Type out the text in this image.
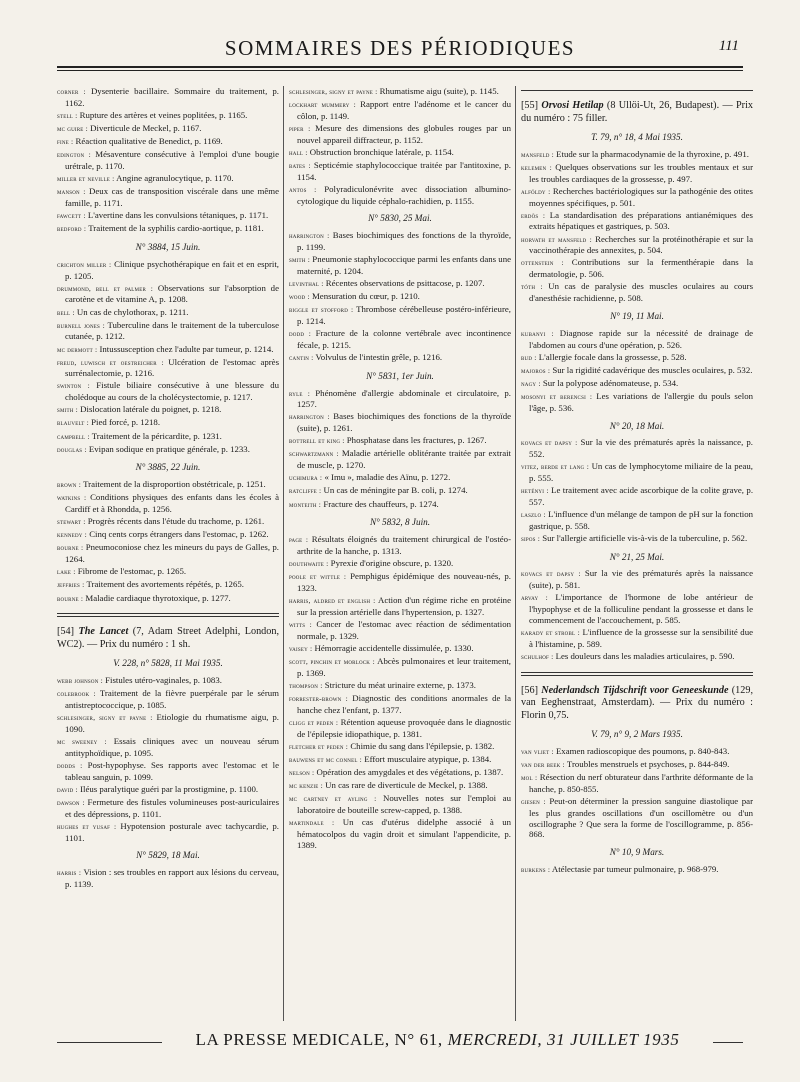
SOMMAIRES DES PÉRIODIQUES	111
corner : Dysenterie bacillaire. Sommaire du traitement, p. 1162.
stell : Rupture des artères et veines poplitées, p. 1165.
mc guire : Diverticule de Meckel, p. 1167.
fine : Réaction qualitative de Benedict, p. 1169.
edington : Mésaventure consécutive à l'emploi d'une bougie urétrale, p. 1170.
miller et neville : Angine agranulocytique, p. 1170.
manson : Deux cas de transposition viscérale dans une même famille, p. 1171.
fawcett : L'avertine dans les convulsions tétaniques, p. 1171.
bedford : Traitement de la syphilis cardio-aortique, p. 1181.
N° 3884, 15 Juin.
crichton miller : Clinique psychothérapique en fait et en esprit, p. 1205.
drummond, bell et palmer : Observations sur l'absorption de carotène et de vitamine A, p. 1208.
bell : Un cas de chylothorax, p. 1211.
burnell jones : Tuberculine dans le traitement de la tuberculose cutanée, p. 1212.
mc dermott : Intussusception chez l'adulte par tumeur, p. 1214.
freud, luwisch et oestreicher : Ulcération de l'estomac après surrénalectomie, p. 1216.
swinton : Fistule biliaire consécutive à une blessure du cholédoque au cours de la cholécystectomie, p. 1217.
smith : Dislocation latérale du poignet, p. 1218.
blauvelt : Pied forcé, p. 1218.
campbell : Traitement de la péricardite, p. 1231.
douglas : Evipan sodique en pratique générale, p. 1233.
N° 3885, 22 Juin.
brown : Traitement de la disproportion obstétricale, p. 1251.
watkins : Conditions physiques des enfants dans les écoles à Cardiff et à Rhondda, p. 1256.
stewart : Progrès récents dans l'étude du trachome, p. 1261.
kennedy : Cinq cents corps étrangers dans l'estomac, p. 1262.
bourne : Pneumoconiose chez les mineurs du pays de Galles, p. 1264.
lake : Fibrome de l'estomac, p. 1265.
jeffries : Traitement des avortements répétés, p. 1265.
bourne : Maladie cardiaque thyrotoxique, p. 1277.
[54] The Lancet (7, Adam Street Adelphi, London, WC2). — Prix du numéro : 1 sh.
V. 228, n° 5828, 11 Mai 1935.
webb johnson : Fistules utéro-vaginales, p. 1083.
colebrook : Traitement de la fièvre puerpérale par le sérum antistreptococcique, p. 1085.
schlesinger, signy et payne : Etiologie du rhumatisme aigu, p. 1090.
mc sweeney : Essais cliniques avec un nouveau sérum antityphoïdique, p. 1095.
dodds : Post-hypophyse. Ses rapports avec l'estomac et le tableau sanguin, p. 1099.
david : Iléus paralytique guéri par la prostigmine, p. 1100.
dawson : Fermeture des fistules volumineuses post-auriculaires et des dépressions, p. 1101.
hughes et yusaf : Hypotension posturale avec tachycardie, p. 1101.
N° 5829, 18 Mai.
harris : Vision : ses troubles en rapport aux lésions du cerveau, p. 1139.
schlesinger, signy et payne : Rhumatisme aigu (suite), p. 1145.
lockhart mummery : Rapport entre l'adénome et le cancer du côlon, p. 1149.
piper : Mesure des dimensions des globules rouges par un nouvel appareil diffracteur, p. 1152.
hall : Obstruction bronchique latérale, p. 1154.
bates : Septicémie staphylococcique traitée par l'antitoxine, p. 1154.
antos : Polyradiculonévrite avec dissociation albumino-cytologique du liquide céphalo-rachidien, p. 1155.
N° 5830, 25 Mai.
harrington : Bases biochimiques des fonctions de la thyroïde, p. 1199.
smith : Pneumonie staphylococcique parmi les enfants dans une maternité, p. 1204.
levinthal : Récentes observations de psittacose, p. 1207.
wood : Mensuration du cœur, p. 1210.
biggle et stofford : Thrombose cérébelleuse postéro-inférieure, p. 1214.
dodd : Fracture de la colonne vertébrale avec incontinence fécale, p. 1215.
cantin : Volvulus de l'intestin grêle, p. 1216.
N° 5831, 1er Juin.
ryle : Phénomène d'allergie abdominale et circulatoire, p. 1257.
harrington : Bases biochimiques des fonctions de la thyroïde (suite), p. 1261.
bottrell et king : Phosphatase dans les fractures, p. 1267.
schwartzmann : Maladie artérielle oblitérante traitée par extrait de muscle, p. 1270.
uchimura : « Imu », maladie des Aïnu, p. 1272.
ratcliffe : Un cas de méningite par B. coli, p. 1274.
monteith : Fracture des chauffeurs, p. 1274.
N° 5832, 8 Juin.
page : Résultats éloignés du traitement chirurgical de l'ostéo-arthrite de la hanche, p. 1313.
douthwaite : Pyrexie d'origine obscure, p. 1320.
poole et wittle : Pemphigus épidémique des nouveau-nés, p. 1323.
harris, aldred et english : Action d'un régime riche en protéine sur la pression artérielle dans l'hypertension, p. 1327.
witts : Cancer de l'estomac avec réaction de sédimentation normale, p. 1329.
vaisey : Hémorragie accidentelle dissimulée, p. 1330.
scott, pinchin et morlock : Abcès pulmonaires et leur traitement, p. 1369.
thompson : Stricture du méat urinaire externe, p. 1373.
forrester-brown : Diagnostic des conditions anormales de la hanche chez l'enfant, p. 1377.
cligg et peden : Rétention aqueuse provoquée dans le diagnostic de l'épilepsie idiopathique, p. 1381.
fletcher et peden : Chimie du sang dans l'épilepsie, p. 1382.
bauwens et mc connel : Effort musculaire atypique, p. 1384.
nelson : Opération des amygdales et des végétations, p. 1387.
mc kenzie : Un cas rare de diverticule de Meckel, p. 1388.
mc cartney et ayling : Nouvelles notes sur l'emploi au laboratoire de bouteille screw-capped, p. 1388.
martindale : Un cas d'utérus didelphe associé à un hématocolpos du vagin droit et simulant l'appendicite, p. 1389.
[55] Orvosi Hetilap (8 Ullöi-Ut, 26, Budapest). — Prix du numéro : 75 filler.
T. 79, n° 18, 4 Mai 1935.
mansfeld : Etude sur la pharmacodynamie de la thyroxine, p. 491.
kelemen : Quelques observations sur les troubles mentaux et sur les troubles cardiaques de la grossesse, p. 497.
alföldy : Recherches bactériologiques sur la pathogénie des otites moyennes spécifiques, p. 501.
erdös : La standardisation des préparations antianémiques des extraits hépatiques et gastriques, p. 503.
horvath et mansfeld : Recherches sur la protéinothérapie et sur la vaccinothérapie des annexites, p. 504.
ottenstein : Contributions sur la fermenthérapie dans la dermatologie, p. 506.
tóth : Un cas de paralysie des muscles oculaires au cours d'anesthésie rachidienne, p. 508.
N° 19, 11 Mai.
kubanyi : Diagnose rapide sur la nécessité de drainage de l'abdomen au cours d'une opération, p. 526.
bud : L'allergie focale dans la grossesse, p. 528.
majoros : Sur la rigidité cadavérique des muscles oculaires, p. 532.
nagy : Sur la polypose adénomateuse, p. 534.
mosonyi et berencsi : Les variations de l'allergie du pouls selon l'âge, p. 536.
N° 20, 18 Mai.
kovacs et dapsy : Sur la vie des prématurés après la naissance, p. 552.
vitez, berde et lang : Un cas de lymphocytome miliaire de la peau, p. 555.
hetényi : Le traitement avec acide ascorbique de la colite grave, p. 557.
laszlo : L'influence d'un mélange de tampon de pH sur la fonction gastrique, p. 558.
sipos : Sur l'allergie artificielle vis-à-vis de la tuberculine, p. 562.
N° 21, 25 Mai.
kovacs et dapsy : Sur la vie des prématurés après la naissance (suite), p. 581.
arvay : L'importance de l'hormone de lobe antérieur de l'hypophyse et de la folliculine pendant la grossesse et dans le commencement de l'accouchement, p. 585.
karady et strobl : L'influence de la grossesse sur la sensibilité due à l'histamine, p. 589.
schulhof : Les douleurs dans les maladies articulaires, p. 590.
[56] Nederlandsch Tijdschrift voor Geneeskunde (129, van Eeghenstraat, Amsterdam). — Prix du numéro : Florin 0,75.
V. 79, n° 9, 2 Mars 1935.
van vliet : Examen radioscopique des poumons, p. 840-843.
van der beek : Troubles menstruels et psychoses, p. 844-849.
mol : Résection du nerf obturateur dans l'arthrite déformante de la hanche, p. 850-855.
giesen : Peut-on déterminer la pression sanguine diastolique par les plus grandes oscillations d'un oscillomètre ou d'un oscillographe ? Que sera la forme de l'oscillogramme, p. 856-868.
N° 10, 9 Mars.
burkens : Atélectasie par tumeur pulmonaire, p. 968-979.
LA PRESSE MEDICALE, N° 61, MERCREDI, 31 JUILLET 1935
